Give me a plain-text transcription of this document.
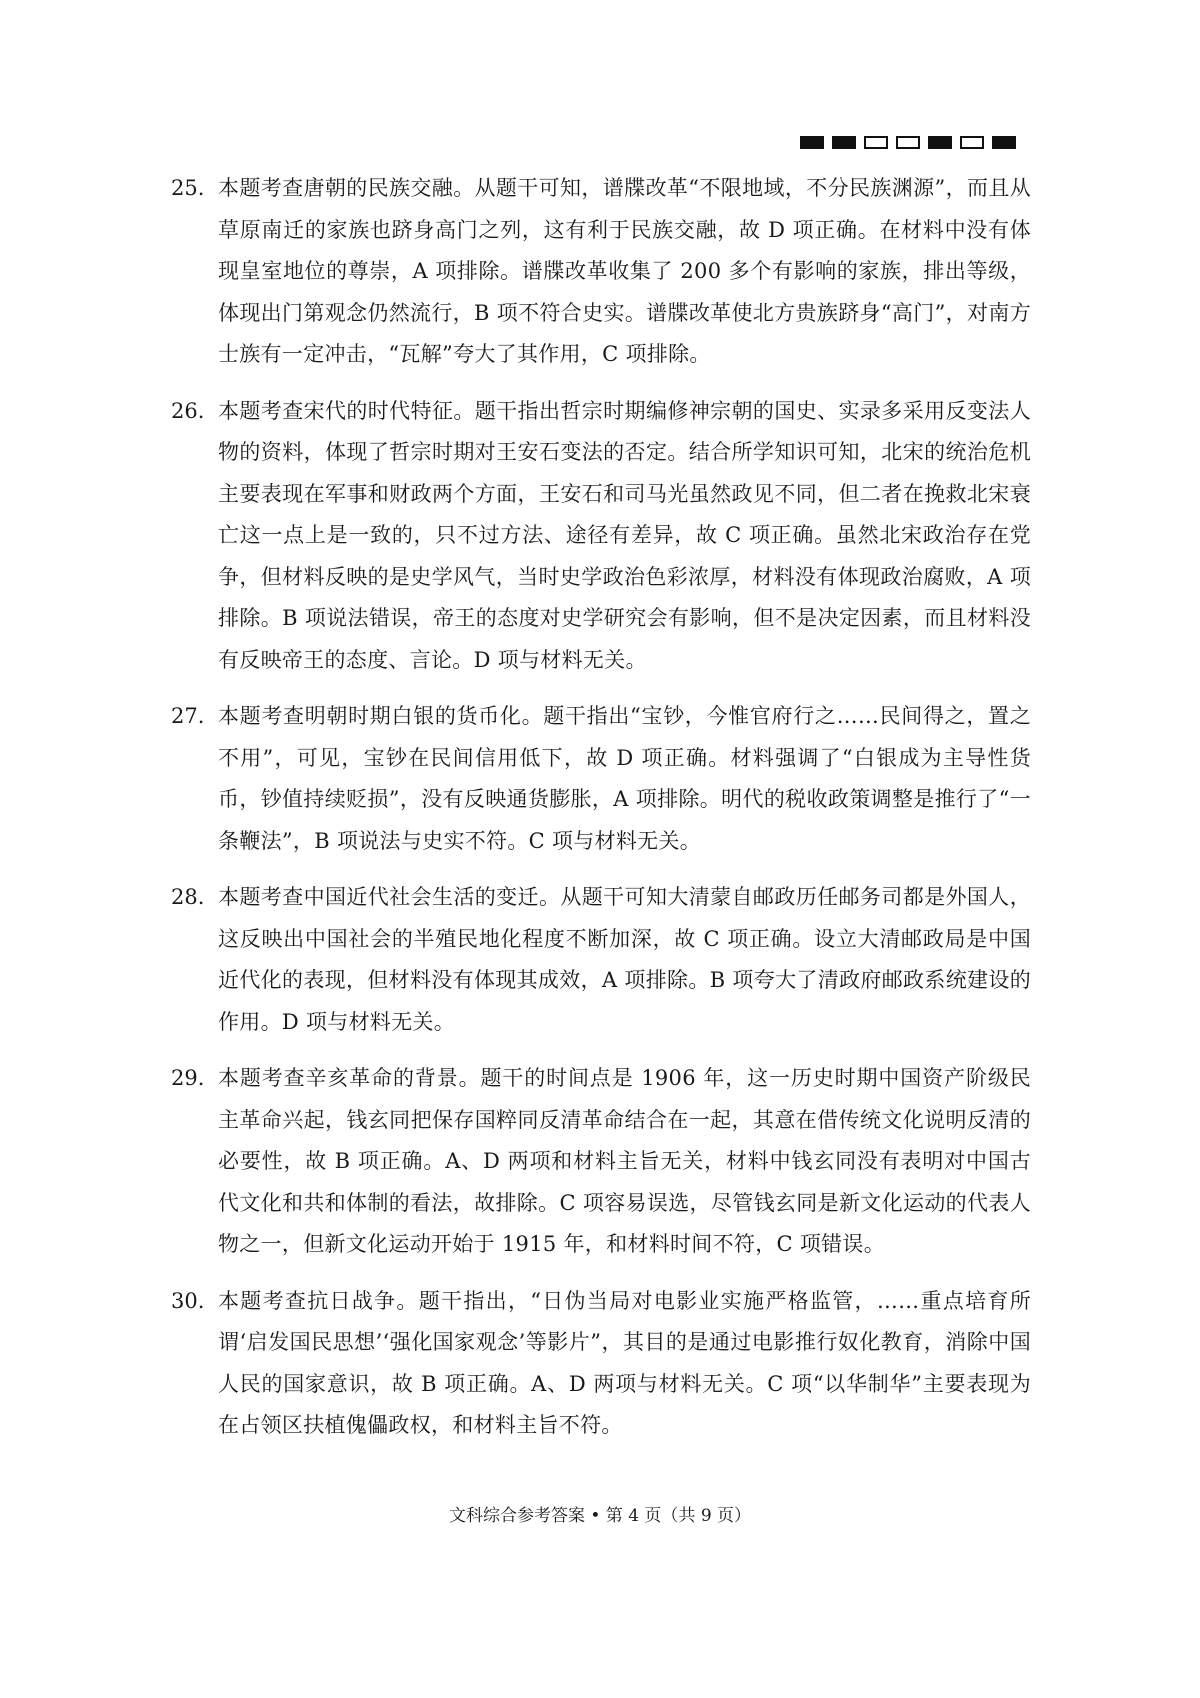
25. 本题考查唐朝的民族交融。从题干可知，谱牒改革“不限地域，不分民族渊源”，而且从草原南迁的家族也跻身高门之列，这有利于民族交融，故 D 项正确。在材料中没有体现皇室地位的尊崇，A 项排除。谱牒改革收集了 200 多个有影响的家族，排出等级，体现出门第观念仍然流行，B 项不符合史实。谱牒改革使北方贵族跻身“高门”，对南方士族有一定冲击，“瓦解”夸大了其作用，C 项排除。
26. 本题考查宋代的时代特征。题干指出哲宗时期编修神宗朝的国史、实录多采用反变法人物的资料，体现了哲宗时期对王安石变法的否定。结合所学知识可知，北宋的统治危机主要表现在军事和财政两个方面，王安石和司马光虽然政见不同，但二者在挽救北宋衰亡这一点上是一致的，只不过方法、途径有差异，故 C 项正确。虽然北宋政治存在党争，但材料反映的是史学风气，当时史学政治色彩浓厚，材料没有体现政治腐败，A 项排除。B 项说法错误，帝王的态度对史学研究会有影响，但不是决定因素，而且材料没有反映帝王的态度、言论。D 项与材料无关。
27. 本题考查明朝时期白银的货币化。题干指出“宝钞，今惟官府行之……民间得之，置之不用”，可见，宝钞在民间信用低下，故 D 项正确。材料强调了“白银成为主导性货币，钞值持续贬损”，没有反映通货膨胀，A 项排除。明代的税收政策调整是推行了“一条鞭法”，B 项说法与史实不符。C 项与材料无关。
28. 本题考查中国近代社会生活的变迁。从题干可知大清蒙自邮政历任邮务司都是外国人，这反映出中国社会的半殖民地化程度不断加深，故 C 项正确。设立大清邮政局是中国近代化的表现，但材料没有体现其成效，A 项排除。B 项夸大了清政府邮政系统建设的作用。D 项与材料无关。
29. 本题考查辛亥革命的背景。题干的时间点是 1906 年，这一历史时期中国资产阶级民主革命兴起，钱玄同把保存国粹同反清革命结合在一起，其意在借传统文化说明反清的必要性，故 B 项正确。A、D 两项和材料主旨无关，材料中钱玄同没有表明对中国古代文化和共和体制的看法，故排除。C 项容易误选，尽管钱玄同是新文化运动的代表人物之一，但新文化运动开始于 1915 年，和材料时间不符，C 项错误。
30. 本题考查抗日战争。题干指出，“日伪当局对电影业实施严格监管，……重点培育所谓‘启发国民思想’‘强化国家观念’等影片”，其目的是通过电影推行奴化教育，消除中国人民的国家意识，故 B 项正确。A、D 两项与材料无关。C 项“以华制华”主要表现为在占领区扶植傀儡政权，和材料主旨不符。
文科综合参考答案 • 第 4 页（共 9 页）
